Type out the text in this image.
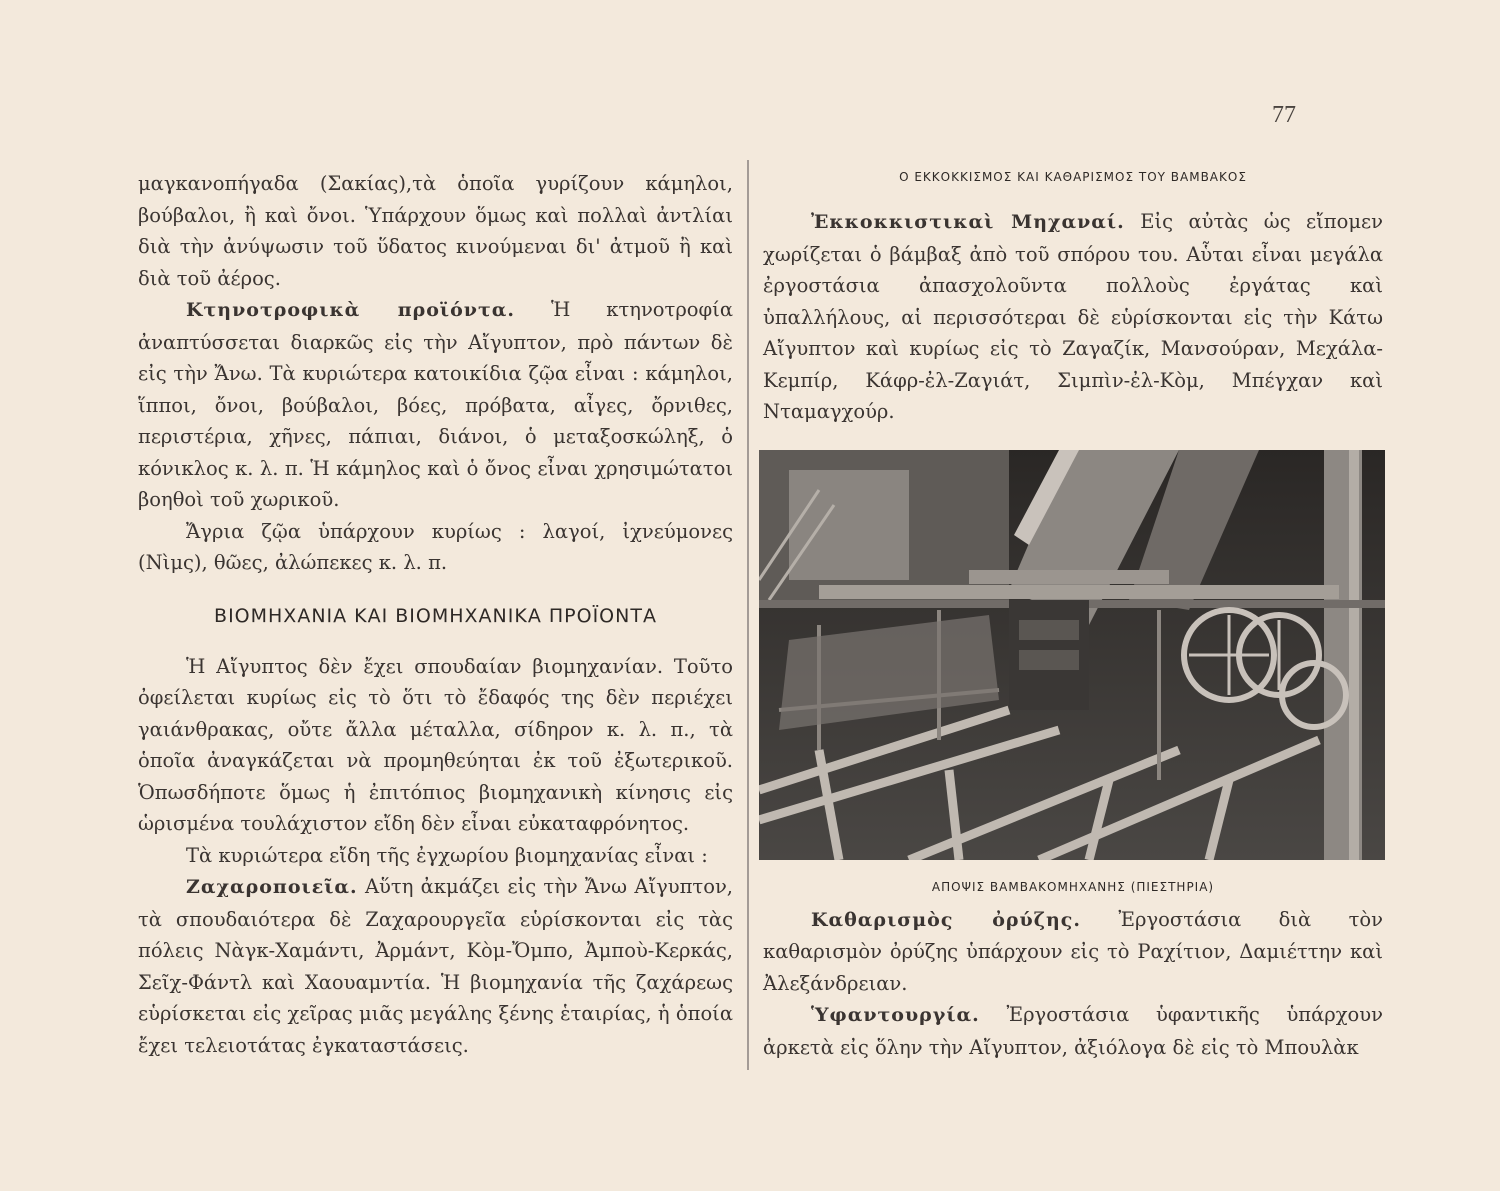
77

μαγκανοπήγαδα (Σακίας),τὰ ὁποῖα γυρίζουν κάμηλοι, βούβαλοι, ἢ καὶ ὄνοι. Ὑπάρχουν ὅμως καὶ πολλαὶ ἀντλίαι διὰ τὴν ἀνύψωσιν τοῦ ὕδατος κινούμεναι δι' ἀτμοῦ ἢ καὶ διὰ τοῦ ἀέρος.

Κτηνοτροφικὰ προϊόντα. Ἡ κτηνοτροφία ἀναπτύσσεται διαρκῶς εἰς τὴν Αἴγυπτον, πρὸ πάντων δὲ εἰς τὴν Ἄνω. Τὰ κυριώτερα κατοικίδια ζῷα εἶναι : κάμηλοι, ἵπποι, ὄνοι, βούβαλοι, βόες, πρόβατα, αἶγες, ὄρνιθες, περιστέρια, χῆνες, πάπιαι, διάνοι, ὁ μεταξοσκώληξ, ὁ κόνικλος κ. λ. π. Ἡ κάμηλος καὶ ὁ ὄνος εἶναι χρησιμώτατοι βοηθοὶ τοῦ χωρικοῦ.

Ἄγρια ζῷα ὑπάρχουν κυρίως : λαγοί, ἰχνεύμονες (Νὶμς), θῶες, ἀλώπεκες κ. λ. π.

ΒΙΟΜΗΧΑΝΙΑ ΚΑΙ ΒΙΟΜΗΧΑΝΙΚΑ ΠΡΟΪΟΝΤΑ

Ἡ Αἴγυπτος δὲν ἔχει σπουδαίαν βιομηχανίαν. Τοῦτο ὀφείλεται κυρίως εἰς τὸ ὅτι τὸ ἔδαφός της δὲν περιέχει γαιάνθρακας, οὔτε ἄλλα μέταλλα, σίδηρον κ. λ. π., τὰ ὁποῖα ἀναγκάζεται νὰ προμηθεύηται ἐκ τοῦ ἐξωτερικοῦ. Ὁπωσδήποτε ὅμως ἡ ἐπιτόπιος βιομηχανικὴ κίνησις εἰς ὡρισμένα τουλάχιστον εἴδη δὲν εἶναι εὐκαταφρόνητος.

Τὰ κυριώτερα εἴδη τῆς ἐγχωρίου βιομηχανίας εἶναι :

Ζαχαροποιεῖα. Αὕτη ἀκμάζει εἰς τὴν Ἄνω Αἴγυπτον, τὰ σπουδαιότερα δὲ Ζαχαρουργεῖα εὑρίσκονται εἰς τὰς πόλεις Νὰγκ-Χαμάντι, Ἀρμάντ, Κὸμ-Ὄμπο, Ἀμποὺ-Κερκάς, Σεῖχ-Φάντλ καὶ Χαουαμντία. Ἡ βιομηχανία τῆς ζαχάρεως εὑρίσκεται εἰς χεῖρας μιᾶς μεγάλης ξένης ἑταιρίας, ἡ ὁποία ἔχει τελειοτάτας ἐγκαταστάσεις.

Ο ΕΚΚΟΚΚΙΣΜΟΣ ΚΑΙ ΚΑΘΑΡΙΣΜΟΣ ΤΟΥ ΒΑΜΒΑΚΟΣ

Ἐκκοκκιστικαὶ Μηχαναί. Εἰς αὐτὰς ὡς εἴπομεν χωρίζεται ὁ βάμβαξ ἀπὸ τοῦ σπόρου του. Αὗται εἶναι μεγάλα ἐργοστάσια ἀπασχολοῦντα πολλοὺς ἐργάτας καὶ ὑπαλλήλους, αἱ περισσότεραι δὲ εὑρίσκονται εἰς τὴν Κάτω Αἴγυπτον καὶ κυρίως εἰς τὸ Ζαγαζίκ, Μανσούραν, Μεχάλα-Κεμπίρ, Κάφρ-ἐλ-Ζαγιάτ, Σιμπὶν-ἐλ-Κὸμ, Μπέγχαν καὶ Νταμαγχούρ.

ΑΠΟΨΙΣ ΒΑΜΒΑΚΟΜΗΧΑΝΗΣ (ΠΙΕΣΤΗΡΙΑ)

Καθαρισμὸς ὀρύζης. Ἐργοστάσια διὰ τὸν καθαρισμὸν ὀρύζης ὑπάρχουν εἰς τὸ Ραχίτιον, Δαμιέττην καὶ Ἀλεξάνδρειαν.

Ὑφαντουργία. Ἐργοστάσια ὑφαντικῆς ὑπάρχουν ἀρκετὰ εἰς ὅλην τὴν Αἴγυπτον, ἀξιόλογα δὲ εἰς τὸ Μπουλὰκ
